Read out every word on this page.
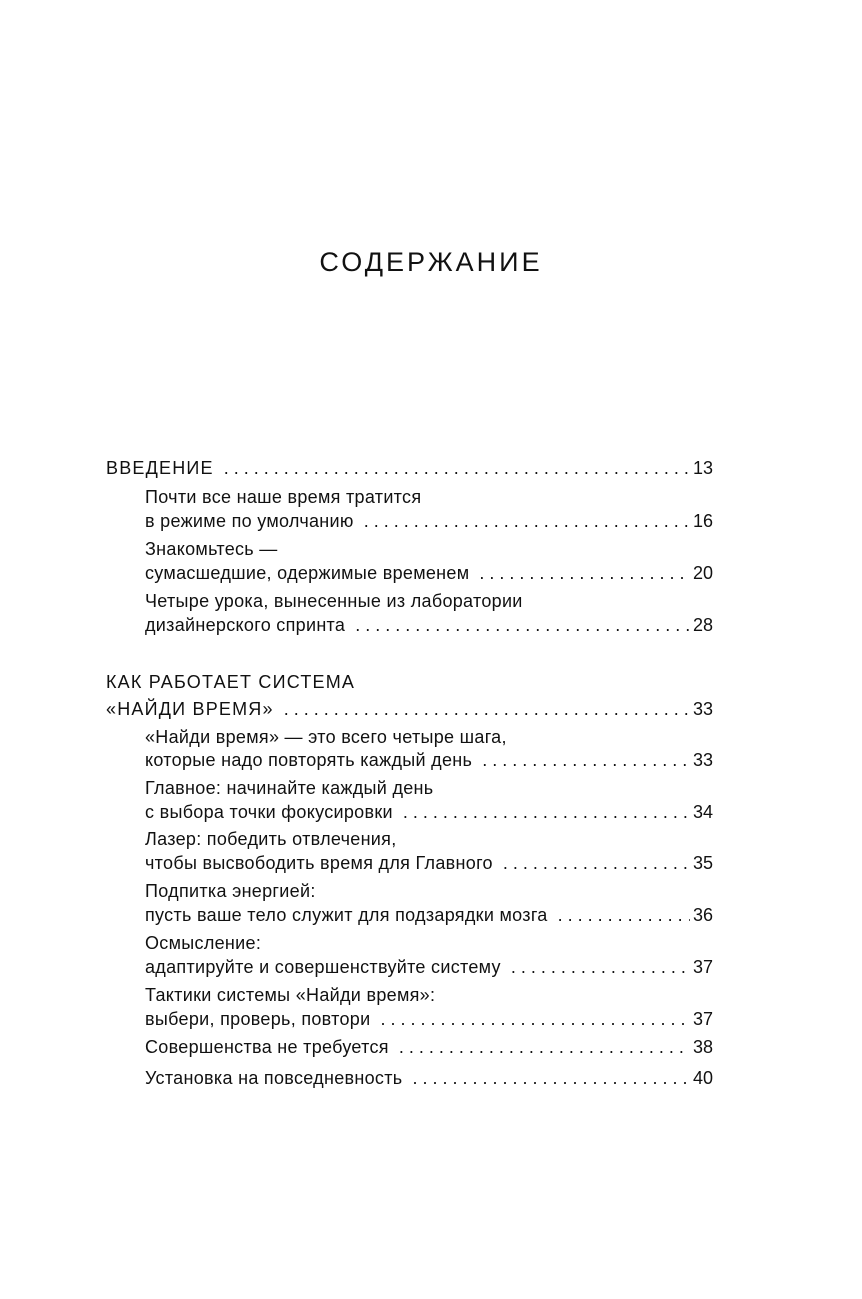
СОДЕРЖАНИЕ
ВВЕДЕНИЕ . . .	13
Почти все наше время тратится
в режиме по умолчанию . . .	16
Знакомьтесь —
сумасшедшие, одержимые временем . . .	20
Четыре урока, вынесенные из лаборатории
дизайнерского спринта . . .	28
КАК РАБОТАЕТ СИСТЕМА
«НАЙДИ ВРЕМЯ» . . .	33
«Найди время» — это всего четыре шага,
которые надо повторять каждый день . . .	33
Главное: начинайте каждый день
с выбора точки фокусировки . . .	34
Лазер: победить отвлечения,
чтобы высвободить время для Главного . . .	35
Подпитка энергией:
пусть ваше тело служит для подзарядки мозга . . .	36
Осмысление:
адаптируйте и совершенствуйте систему . . .	37
Тактики системы «Найди время»:
выбери, проверь, повтори . . .	37
Совершенства не требуется . . .	38
Установка на повседневность . . .	40
